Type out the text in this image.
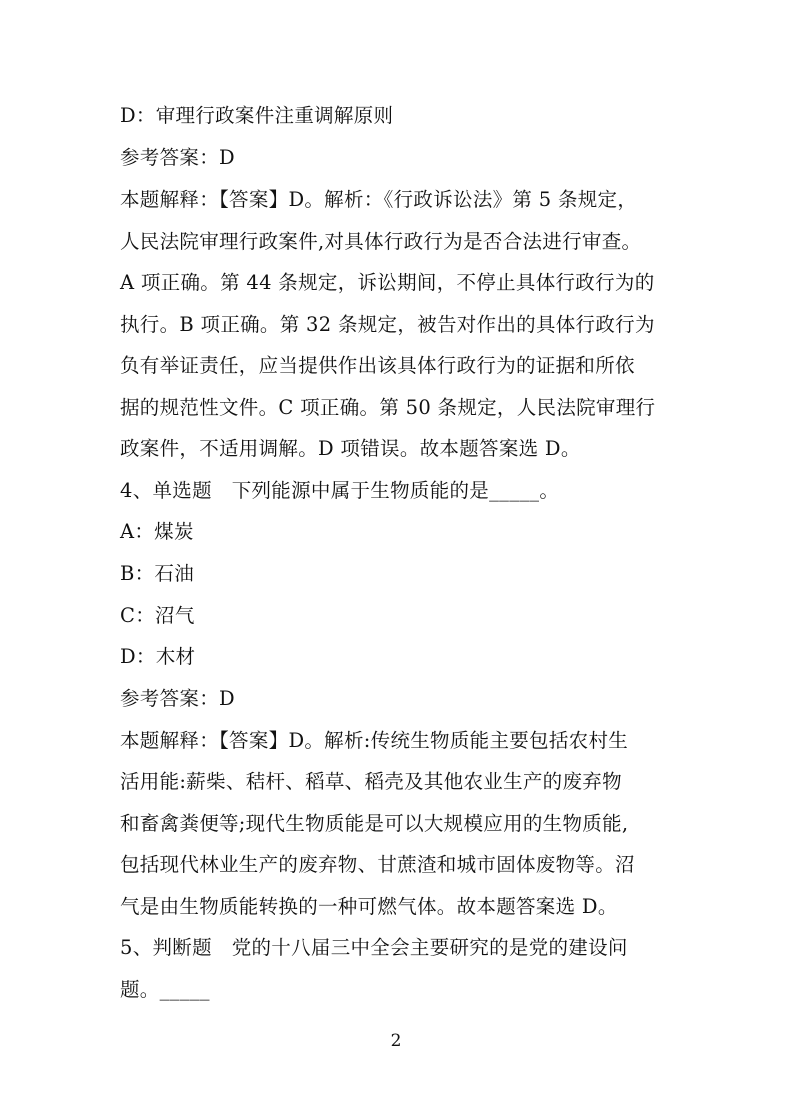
D：审理行政案件注重调解原则
参考答案：D
本题解释：【答案】D。解析：《行政诉讼法》第 5 条规定，
人民法院审理行政案件,对具体行政行为是否合法进行审查。
A 项正确。第 44 条规定，诉讼期间，不停止具体行政行为的
执行。B 项正确。第 32 条规定，被告对作出的具体行政行为
负有举证责任，应当提供作出该具体行政行为的证据和所依
据的规范性文件。C 项正确。第 50 条规定，人民法院审理行
政案件，不适用调解。D 项错误。故本题答案选 D。
4、单选题　下列能源中属于生物质能的是_____。
A：煤炭
B：石油
C：沼气
D：木材
参考答案：D
本题解释：【答案】D。解析:传统生物质能主要包括农村生
活用能:薪柴、秸杆、稻草、稻壳及其他农业生产的废弃物
和畜禽粪便等;现代生物质能是可以大规模应用的生物质能,
包括现代林业生产的废弃物、甘蔗渣和城市固体废物等。沼
气是由生物质能转换的一种可燃气体。故本题答案选 D。
5、判断题　党的十八届三中全会主要研究的是党的建设问
题。_____
2
